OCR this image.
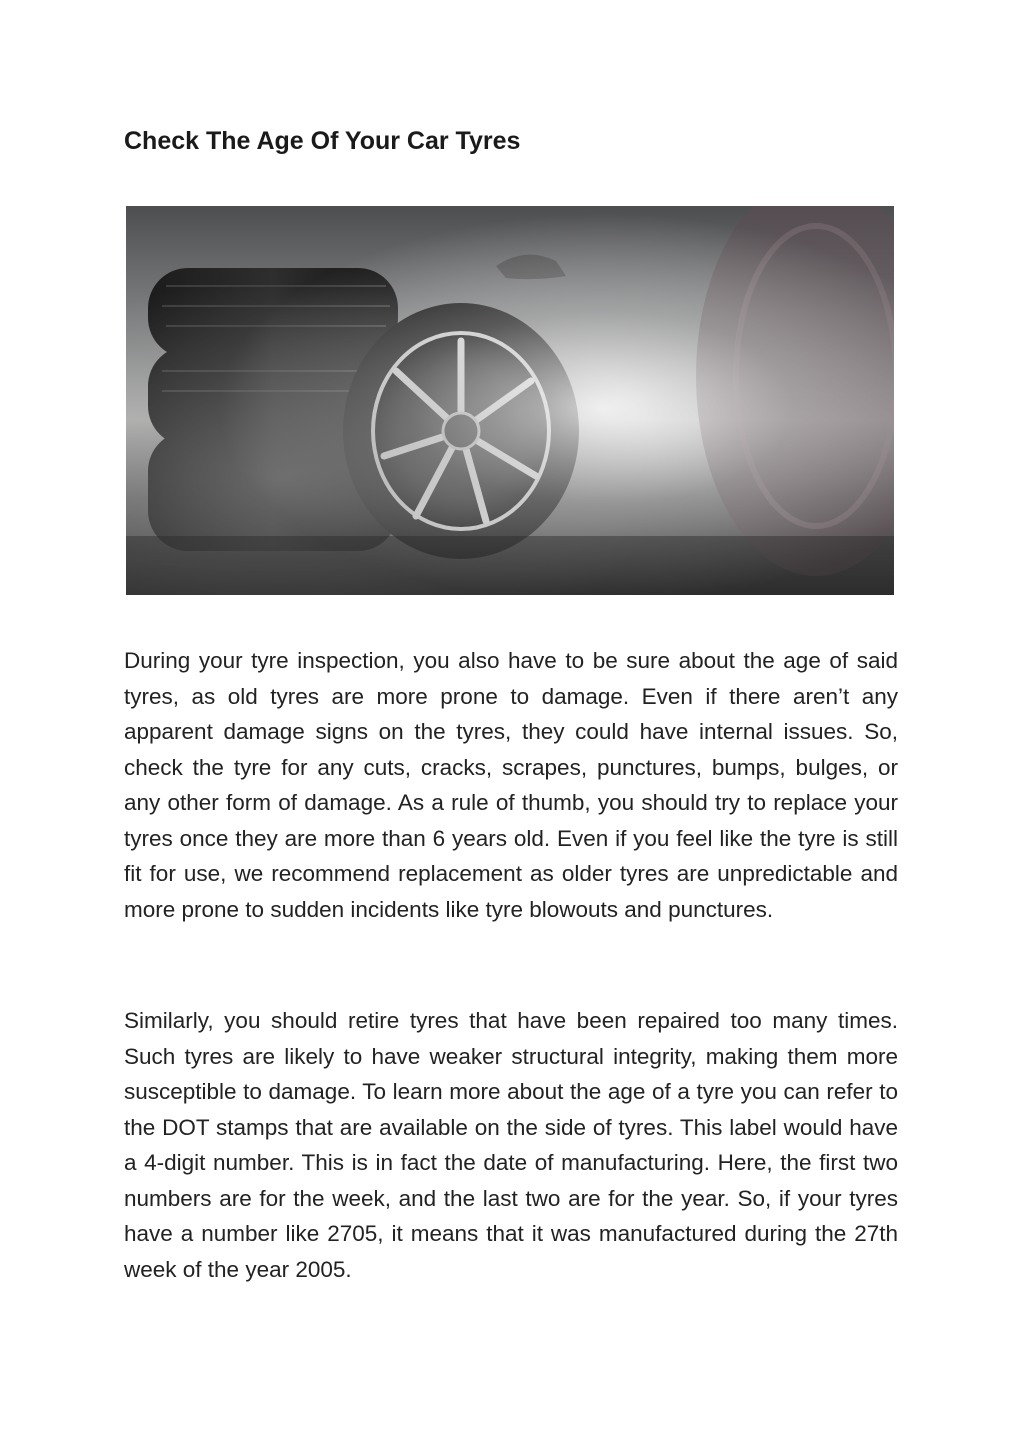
Check The Age Of Your Car Tyres

During your tyre inspection, you also have to be sure about the age of said tyres, as old tyres are more prone to damage. Even if there aren’t any apparent damage signs on the tyres, they could have internal issues. So, check the tyre for any cuts, cracks, scrapes, punctures, bumps, bulges, or any other form of damage. As a rule of thumb, you should try to replace your tyres once they are more than 6 years old. Even if you feel like the tyre is still fit for use, we recommend replacement as older tyres are unpredictable and more prone to sudden incidents like tyre blowouts and punctures.

Similarly, you should retire tyres that have been repaired too many times. Such tyres are likely to have weaker structural integrity, making them more susceptible to damage. To learn more about the age of a tyre you can refer to the DOT stamps that are available on the side of tyres. This label would have a 4-digit number. This is in fact the date of manufacturing. Here, the first two numbers are for the week, and the last two are for the year. So, if your tyres have a number like 2705, it means that it was manufactured during the 27th week of the year 2005.
